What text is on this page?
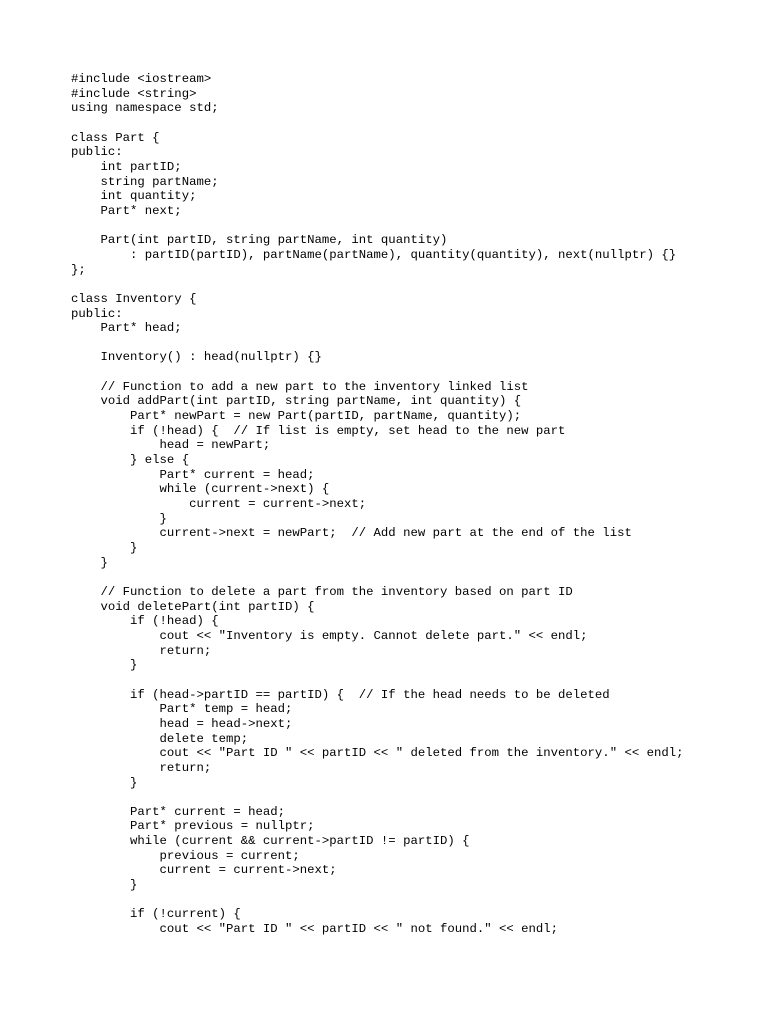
#include <iostream>
#include <string>
using namespace std;
class Part {
public:
int partID;
string partName;
int quantity;
Part* next;
Part(int partID, string partName, int quantity)
: partID(partID), partName(partName), quantity(quantity), next(nullptr) {}
};
class Inventory {
public:
Part* head;
Inventory() : head(nullptr) {}
// Function to add a new part to the inventory linked list
void addPart(int partID, string partName, int quantity) {
Part* newPart = new Part(partID, partName, quantity);
if (!head) {  // If list is empty, set head to the new part
head = newPart;
} else {
Part* current = head;
while (current->next) {
current = current->next;
}
current->next = newPart;  // Add new part at the end of the list
}
}
// Function to delete a part from the inventory based on part ID
void deletePart(int partID) {
if (!head) {
cout << "Inventory is empty. Cannot delete part." << endl;
return;
}
if (head->partID == partID) {  // If the head needs to be deleted
Part* temp = head;
head = head->next;
delete temp;
cout << "Part ID " << partID << " deleted from the inventory." << endl;
return;
}
Part* current = head;
Part* previous = nullptr;
while (current && current->partID != partID) {
previous = current;
current = current->next;
}
if (!current) {
cout << "Part ID " << partID << " not found." << endl;
